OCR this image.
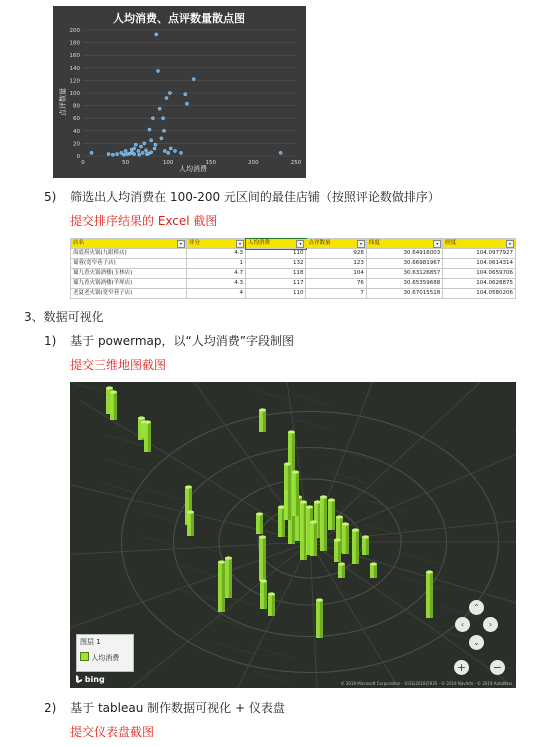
人均消费、点评数量散点图
点评数量
人均消费
0
20
40
60
80
100
120
140
160
180
200
0	50	100	150	200	250
5) 筛选出人均消费在 100-200 元区间的最佳店铺（按照评论数做排序）
提交排序结果的 Excel 截图
店名 ▾	评分 ▾	人均消费 ▾	点评数量 ▾	纬度 ▾	经度 ▾

海底捞火锅(九眼桥店)	4.3	110	928	30.64916003	104.0977927
蜀蓉(宽窄巷子店)	1	132	123	30.66981967	104.0614314
蜀九香火锅酒楼(玉林店)	4.7	118	104	30.63126857	104.0659706
蜀九香火锅酒楼(羊犀店)	4.3	117	76	30.65359688	104.0628875
老夏老火锅(宽窄巷子店)	4	110	7	30.67015518	104.0580206
3、数据可视化
1) 基于 powermap，以“人均消费”字段制图
提交三维地图截图
bing	© 2019 Microsoft Corporation · ©GS(2018)5935 · © 2019 NavInfo · © 2019 AutoNavi
⌃
‹	›
⌄
+ −
图层 1
人均消费
2) 基于 tableau 制作数据可视化 + 仪表盘
提交仪表盘截图
